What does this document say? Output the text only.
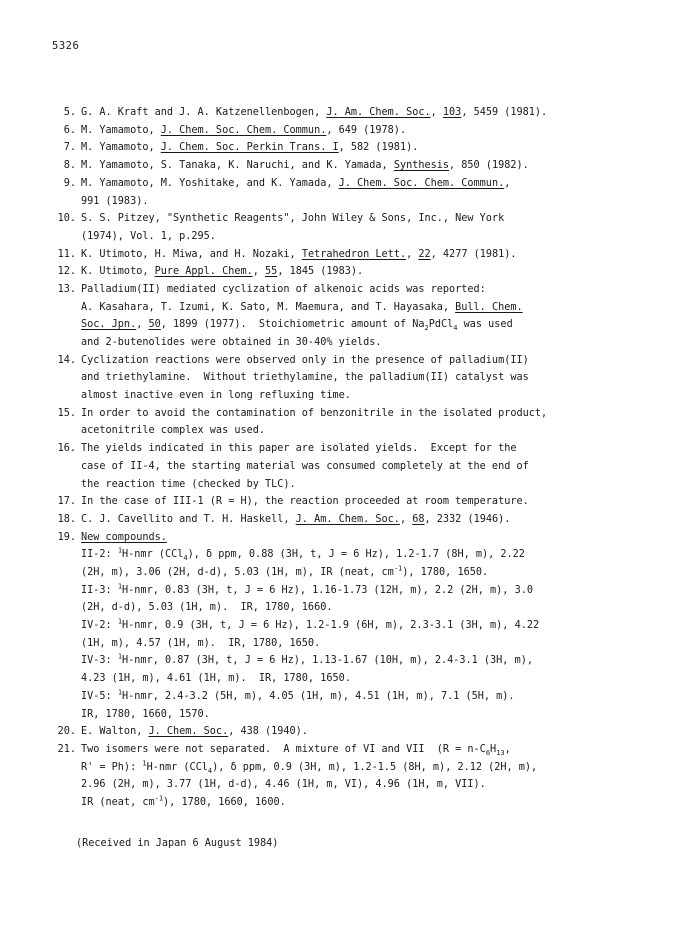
5326
5. G. A. Kraft and J. A. Katzenellenbogen, J. Am. Chem. Soc., 103, 5459 (1981).
6. M. Yamamoto, J. Chem. Soc. Chem. Commun., 649 (1978).
7. M. Yamamoto, J. Chem. Soc. Perkin Trans. I, 582 (1981).
8. M. Yamamoto, S. Tanaka, K. Naruchi, and K. Yamada, Synthesis, 850 (1982).
9. M. Yamamoto, M. Yoshitake, and K. Yamada, J. Chem. Soc. Chem. Commun.,
991 (1983).
10. S. S. Pitzey, "Synthetic Reagents", John Wiley & Sons, Inc., New York
(1974), Vol. 1, p.295.
11. K. Utimoto, H. Miwa, and H. Nozaki, Tetrahedron Lett., 22, 4277 (1981).
12. K. Utimoto, Pure Appl. Chem., 55, 1845 (1983).
13. Palladium(II) mediated cyclization of alkenoic acids was reported:
A. Kasahara, T. Izumi, K. Sato, M. Maemura, and T. Hayasaka, Bull. Chem.
Soc. Jpn., 50, 1899 (1977).  Stoichiometric amount of $Na_2PdCl_4$ was used
and 2-butenolides were obtained in 30-40% yields.
14. Cyclization reactions were observed only in the presence of palladium(II)
and triethylamine.  Without triethylamine, the palladium(II) catalyst was
almost inactive even in long refluxing time.
15. In order to avoid the contamination of benzonitrile in the isolated product,
acetonitrile complex was used.
16. The yields indicated in this paper are isolated yields.  Except for the
case of II-4, the starting material was consumed completely at the end of
the reaction time (checked by TLC).
17. In the case of III-1 (R = H), the reaction proceeded at room temperature.
18. C. J. Cavellito and T. H. Haskell, J. Am. Chem. Soc., 68, 2332 (1946).
19. New compounds.
II-2: $^1$H-nmr (CCl$_4$), δ ppm, 0.88 (3H, t, J = 6 Hz), 1.2-1.7 (8H, m), 2.22
(2H, m), 3.06 (2H, d-d), 5.03 (1H, m), IR (neat, $cm^{-1}$), 1780, 1650.
II-3: $^1$H-nmr, 0.83 (3H, t, J = 6 Hz), 1.16-1.73 (12H, m), 2.2 (2H, m), 3.0
(2H, d-d), 5.03 (1H, m).  IR, 1780, 1660.
IV-2: $^1$H-nmr, 0.9 (3H, t, J = 6 Hz), 1.2-1.9 (6H, m), 2.3-3.1 (3H, m), 4.22
(1H, m), 4.57 (1H, m).  IR, 1780, 1650.
IV-3: $^1$H-nmr, 0.87 (3H, t, J = 6 Hz), 1.13-1.67 (10H, m), 2.4-3.1 (3H, m),
4.23 (1H, m), 4.61 (1H, m).  IR, 1780, 1650.
IV-5: $^1$H-nmr, 2.4-3.2 (5H, m), 4.05 (1H, m), 4.51 (1H, m), 7.1 (5H, m).
IR, 1780, 1660, 1570.
20. E. Walton, J. Chem. Soc., 438 (1940).
21. Two isomers were not separated.  A mixture of VI and VII  ($R = n-C_6H_{13}$,
R' = Ph): $^1$H-nmr (CCl$_4$), δ ppm, 0.9 (3H, m), 1.2-1.5 (8H, m), 2.12 (2H, m),
2.96 (2H, m), 3.77 (1H, d-d), 4.46 (1H, m, VI), 4.96 (1H, m, VII).
IR (neat, $cm^{-1}$), 1780, 1660, 1600.
(Received in Japan 6 August 1984)
